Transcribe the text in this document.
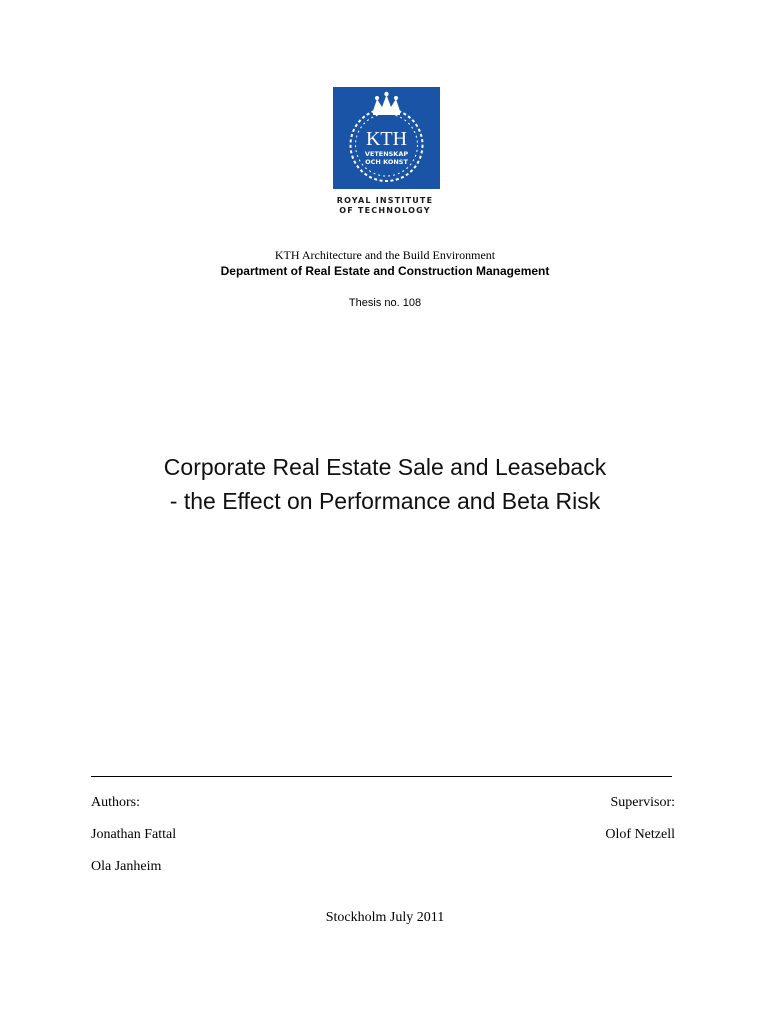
KTH
VETENSKAP
OCH KONST
ROYAL INSTITUTE
OF TECHNOLOGY
KTH Architecture and the Build Environment
Department of Real Estate and Construction Management
Thesis no. 108
Corporate Real Estate Sale and Leaseback
- the Effect on Performance and Beta Risk
Authors:	Supervisor:
Jonathan Fattal	Olof Netzell
Ola Janheim
Stockholm July 2011
